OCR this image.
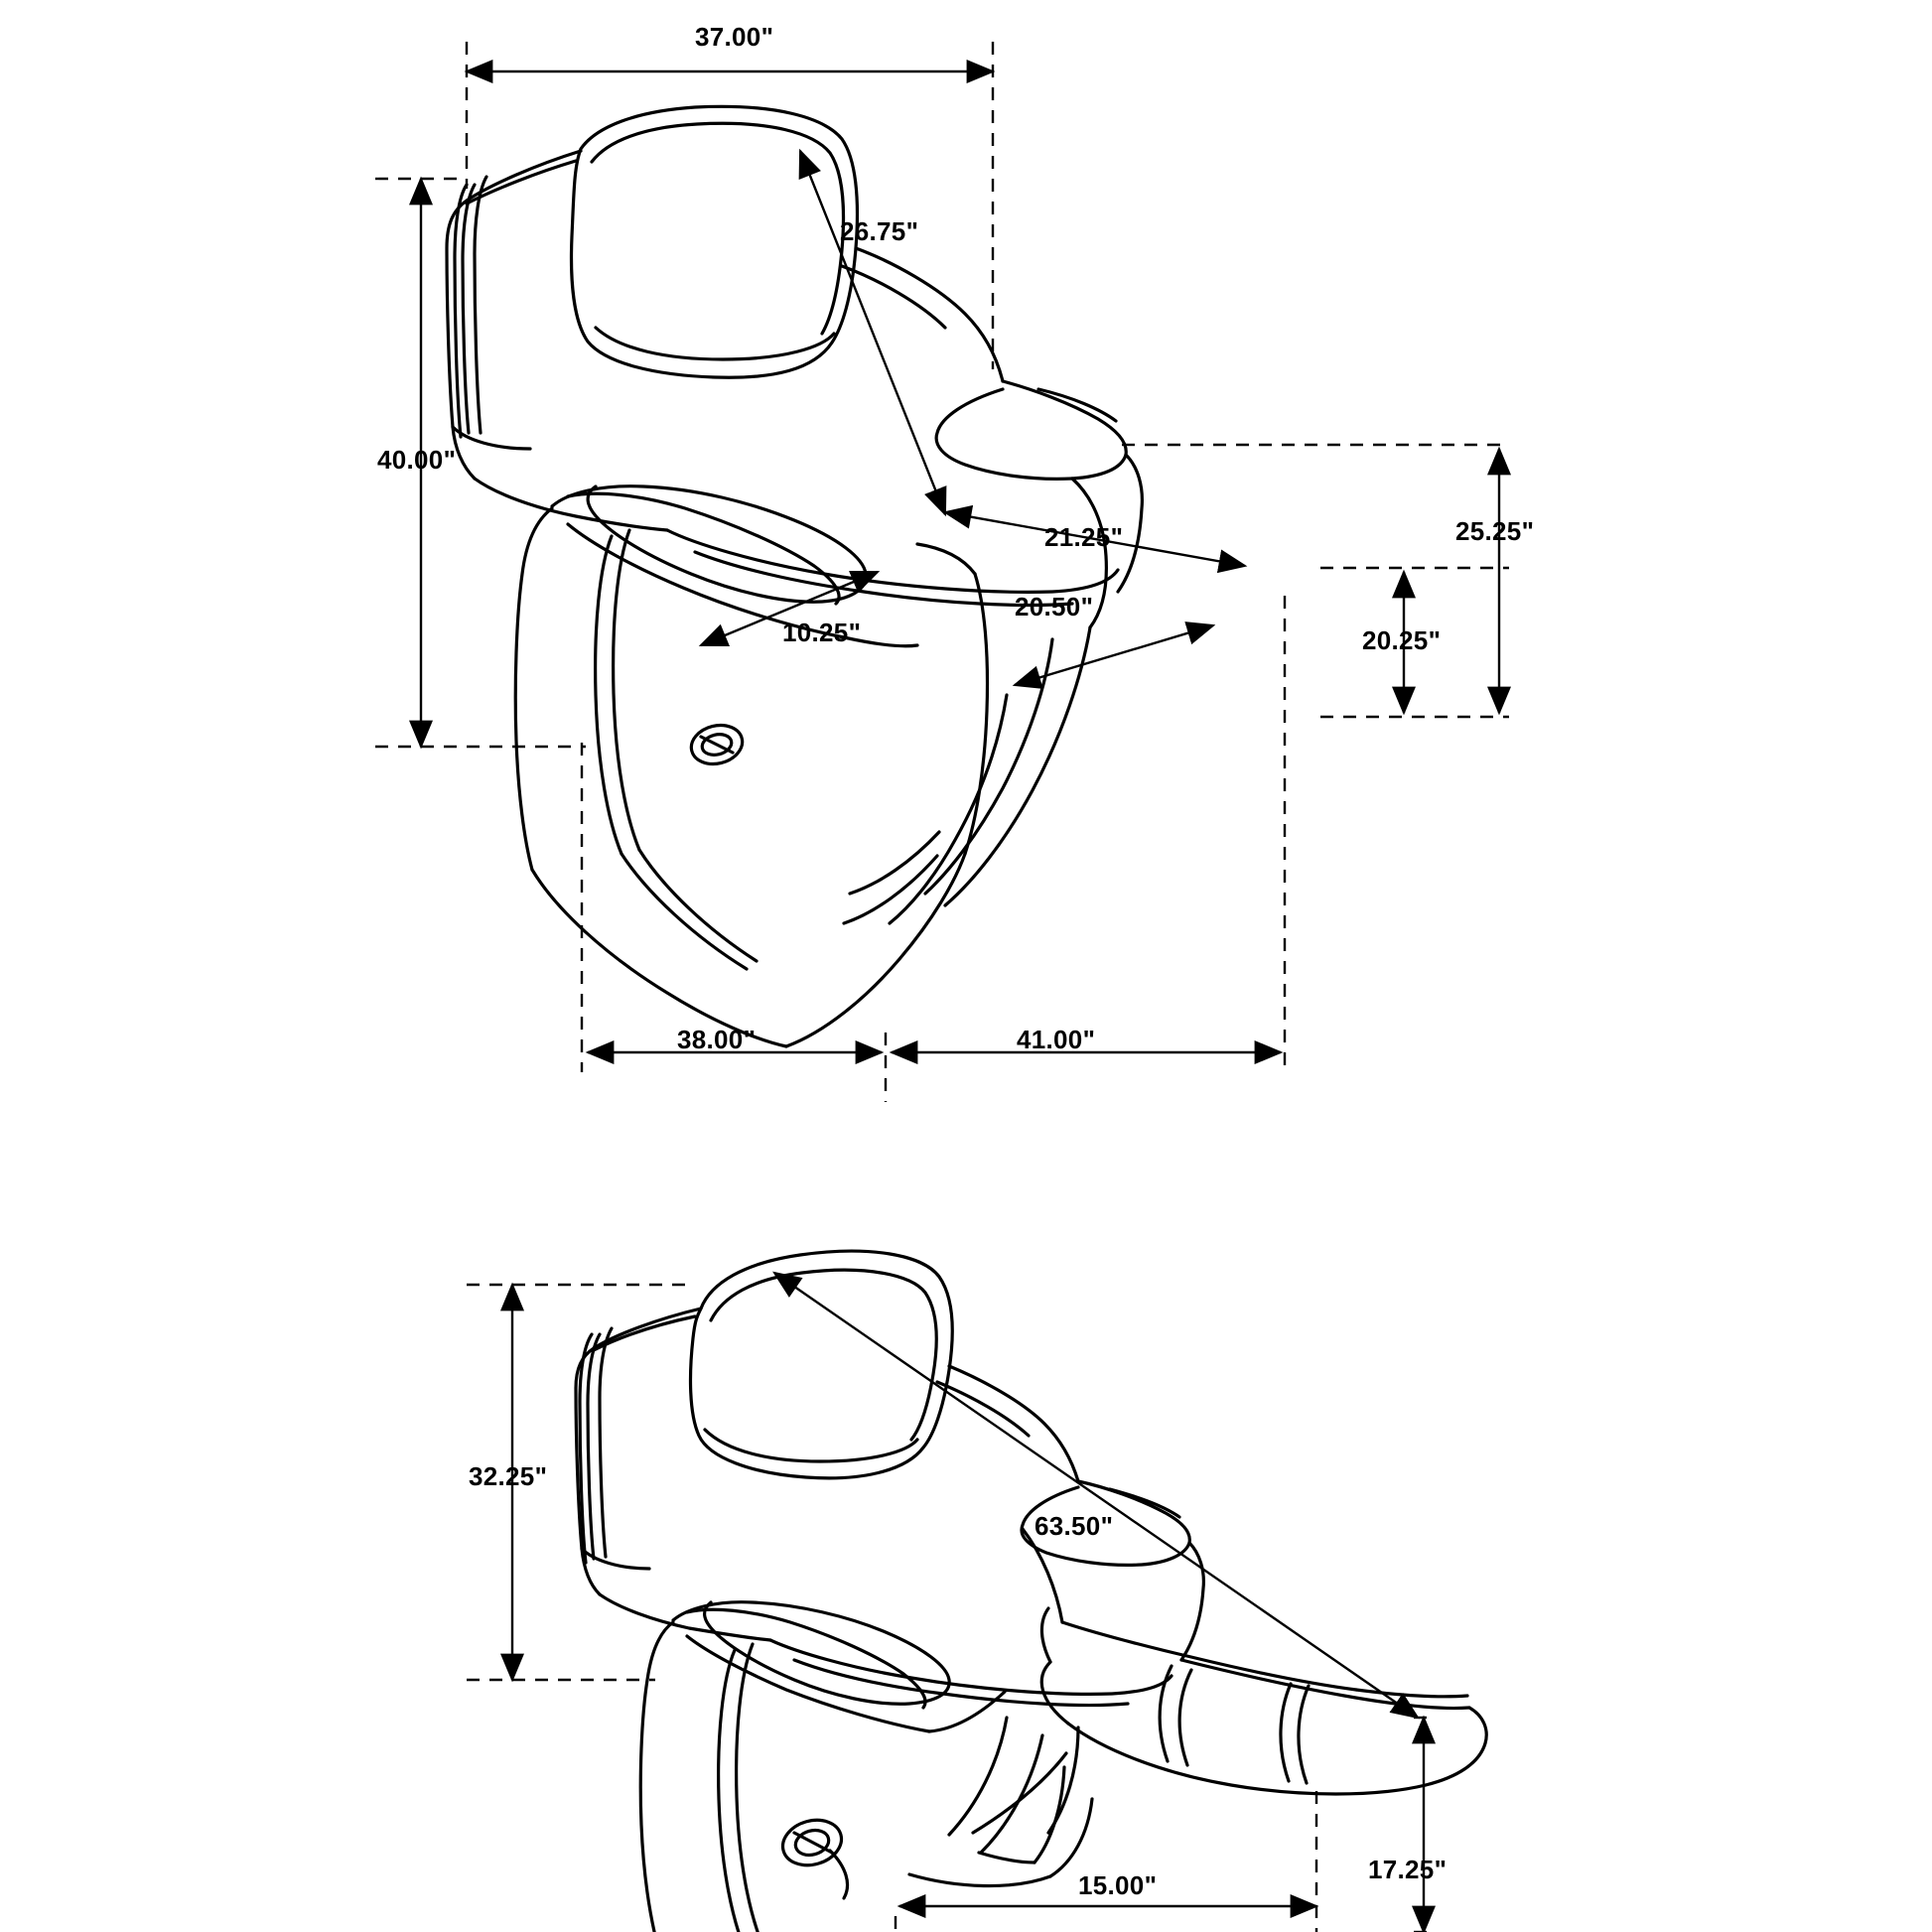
37.00"
26.75"
40.00"
21.25"
20.50"
10.25"
25.25"
20.25"
38.00"	41.00"
32.25"
63.50"
17.25"
15.00"
